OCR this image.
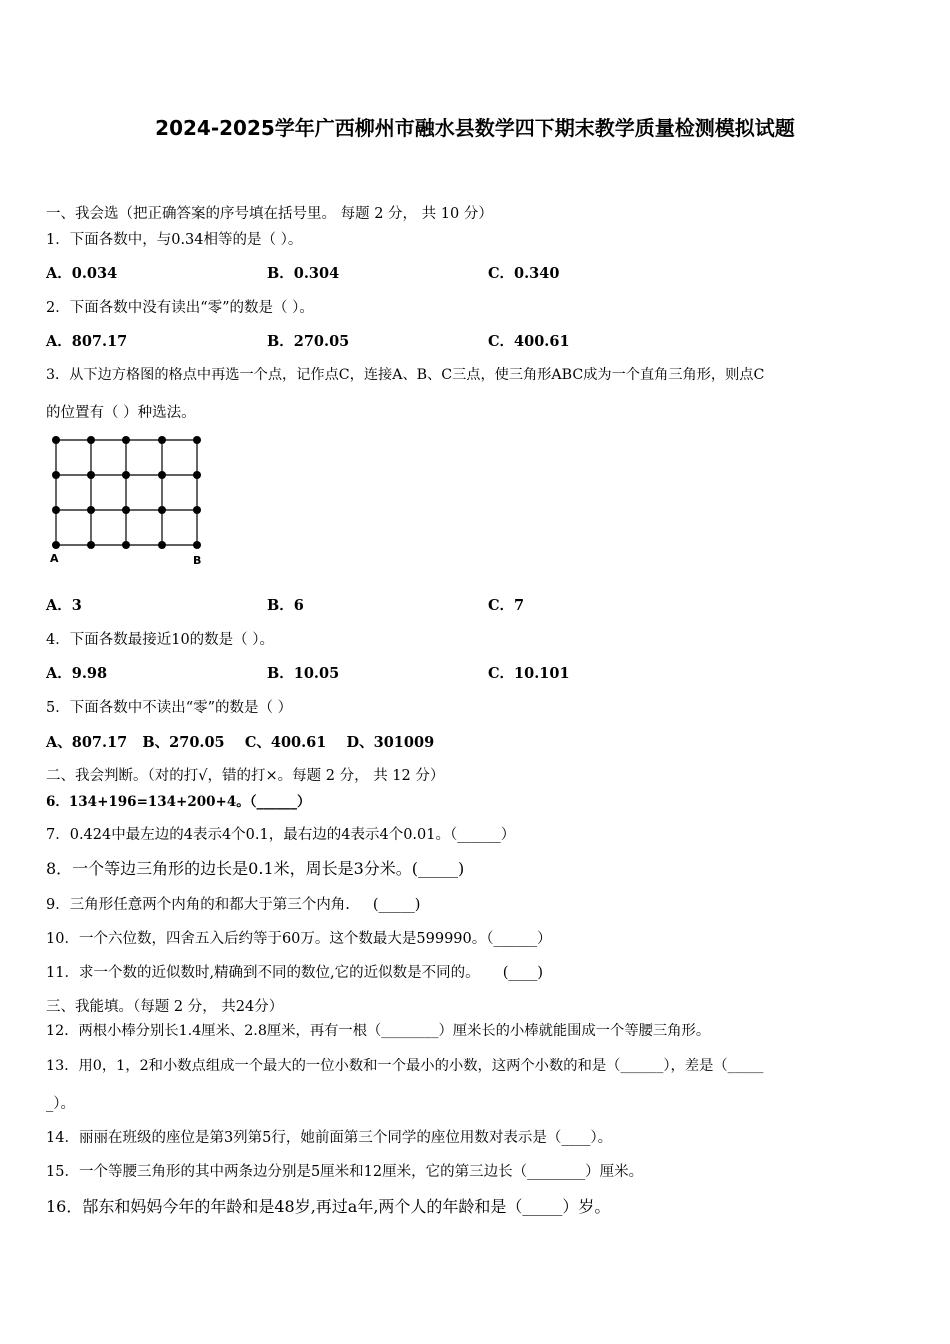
2024-2025学年广西柳州市融水县数学四下期末教学质量检测模拟试题
一、我会选（把正确答案的序号填在括号里。 每题 2 分， 共 10 分）
1．下面各数中，与0.34相等的是（ ）。
A．0.034	B．0.304	C．0.340
2．下面各数中没有读出“零”的数是（ ）。
A．807.17	B．270.05	C．400.61
3．从下边方格图的格点中再选一个点，记作点C，连接A、B、C三点，使三角形ABC成为一个直角三角形，则点C
的位置有（ ）种选法。
A	B
A．3	B．6	C．7
4．下面各数最接近10的数是（ ）。
A．9.98	B．10.05	C．10.101
5．下面各数中不读出“零”的数是（ ）
A、807.17   B、270.05    C、400.61    D、301009
二、我会判断。（对的打√，错的打×。每题 2 分， 共 12 分）
6．134+196=134+200+4。（______）
7．0.424中最左边的4表示4个0.1，最右边的4表示4个0.01。（______）
8．一个等边三角形的边长是0.1米，周长是3分米。(_____)
9．三角形任意两个内角的和都大于第三个内角.     (_____)
10．一个六位数，四舍五入后约等于60万。这个数最大是599990。（______）
11．求一个数的近似数时,精确到不同的数位,它的近似数是不同的。     (____)
三、我能填。（每题 2 分， 共24分）
12．两根小棒分别长1.4厘米、2.8厘米，再有一根（________）厘米长的小棒就能围成一个等腰三角形。
13．用0，1，2和小数点组成一个最大的一位小数和一个最小的小数，这两个小数的和是（______），差是（_____
_）。
14．丽丽在班级的座位是第3列第5行，她前面第三个同学的座位用数对表示是（____）。
15．一个等腰三角形的其中两条边分别是5厘米和12厘米，它的第三边长（________）厘米。
16．郜东和妈妈今年的年龄和是48岁,再过a年,两个人的年龄和是（_____）岁。
